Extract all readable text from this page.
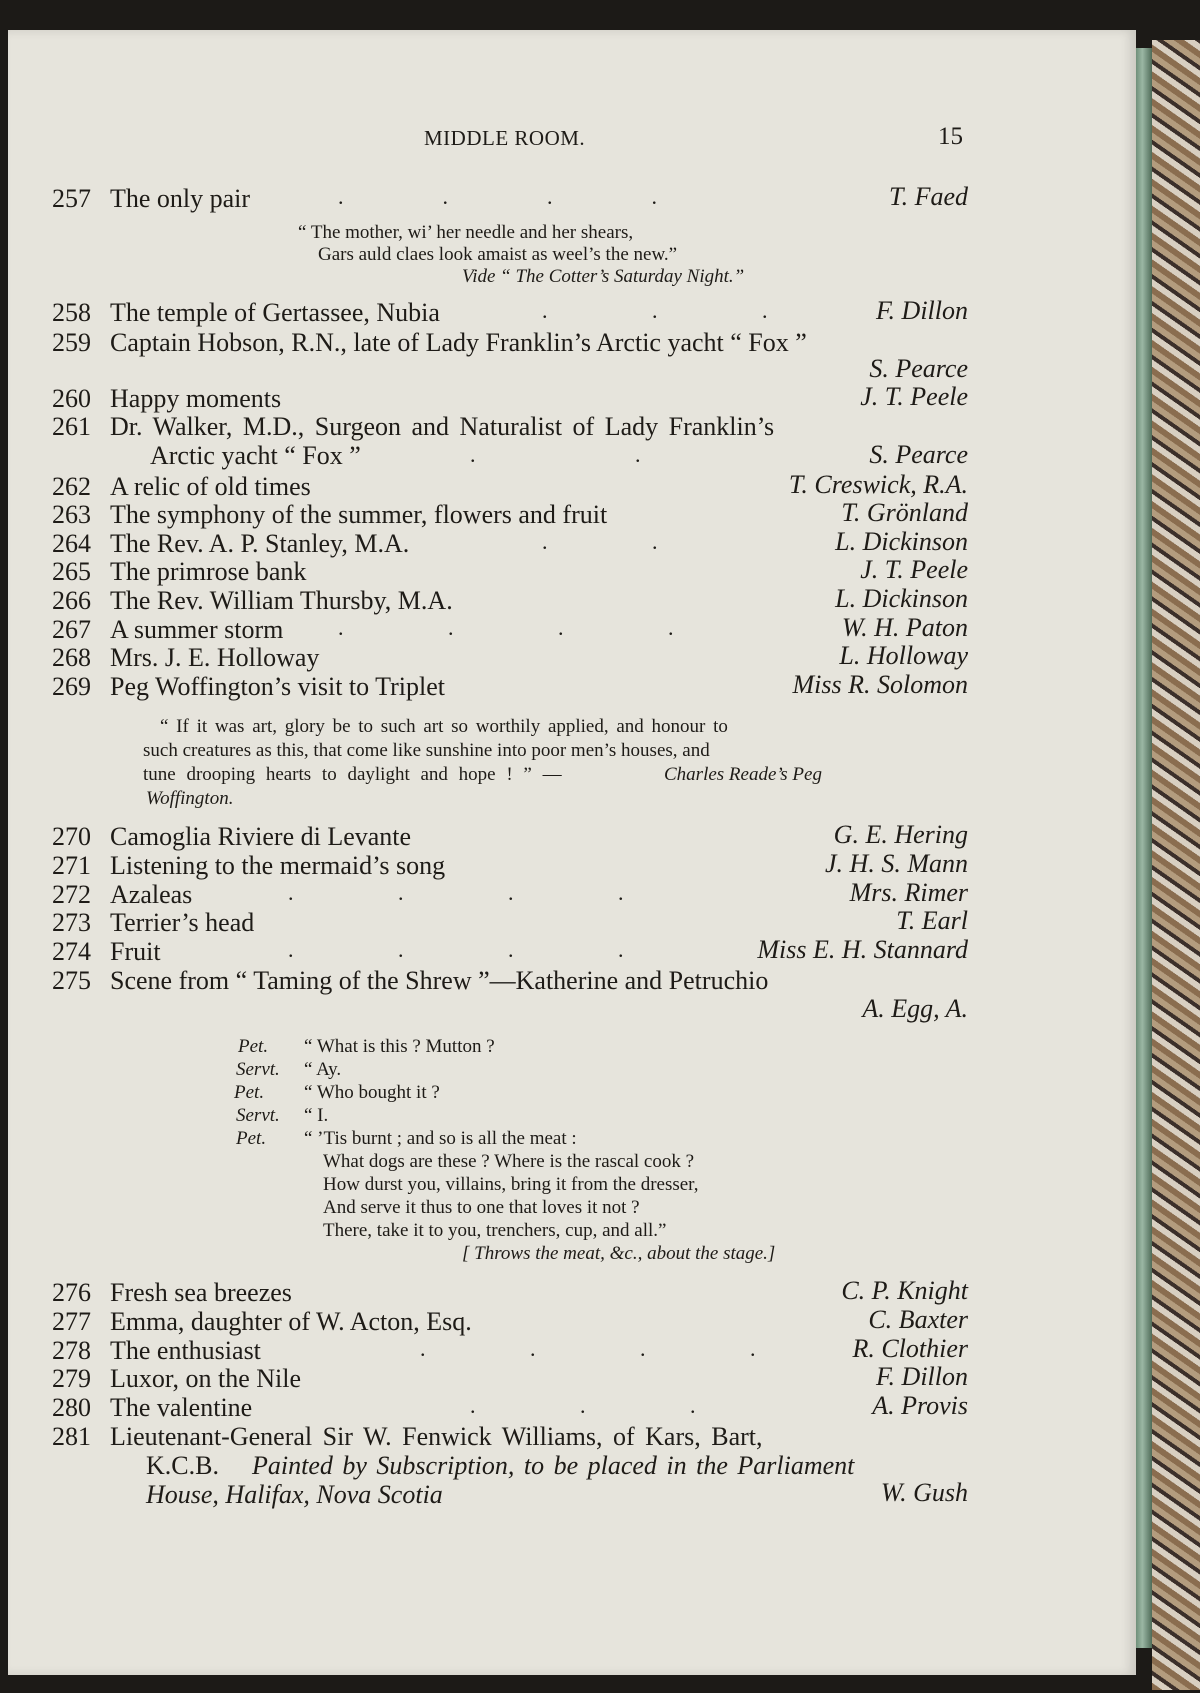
MIDDLE ROOM.	15
257 The only pair	T. Faed
“ The mother, wi’ her needle and her shears,
Gars auld claes look amaist as weel’s the new.”
Vide “ The Cotter’s Saturday Night.”
258 The temple of Gertassee, Nubia	F. Dillon
259 Captain Hobson, R.N., late of Lady Franklin’s Arctic yacht “ Fox ”
S. Pearce
260 Happy moments	J. T. Peele
261 Dr. Walker, M.D., Surgeon and Naturalist of Lady Franklin’s
Arctic yacht “ Fox ”	S. Pearce
262 A relic of old times	T. Creswick, R.A.
263 The symphony of the summer, flowers and fruit	T. Grönland
264 The Rev. A. P. Stanley, M.A.	L. Dickinson
265 The primrose bank	J. T. Peele
266 The Rev. William Thursby, M.A.	L. Dickinson
267 A summer storm	W. H. Paton
268 Mrs. J. E. Holloway	L. Holloway
269 Peg Woffington’s visit to Triplet	Miss R. Solomon
“ If it was art, glory be to such art so worthily applied, and honour to
such creatures as this, that come like sunshine into poor men’s houses, and
tune drooping hearts to daylight and hope ! ” —	Charles Reade’s Peg
Woffington.
270 Camoglia Riviere di Levante	G. E. Hering
271 Listening to the mermaid’s song	J. H. S. Mann
272 Azaleas	Mrs. Rimer
273 Terrier’s head	T. Earl
274 Fruit	Miss E. H. Stannard
275 Scene from “ Taming of the Shrew ”—Katherine and Petruchio
A. Egg, A.
Pet. “ What is this ? Mutton ?
Servt. “ Ay.
Pet. “ Who bought it ?
Servt. “ I.
Pet. “ ’Tis burnt ; and so is all the meat :
What dogs are these ? Where is the rascal cook ?
How durst you, villains, bring it from the dresser,
And serve it thus to one that loves it not ?
There, take it to you, trenchers, cup, and all.”
[ Throws the meat, &c., about the stage.]
276 Fresh sea breezes	C. P. Knight
277 Emma, daughter of W. Acton, Esq.	C. Baxter
278 The enthusiast	R. Clothier
279 Luxor, on the Nile	F. Dillon
280 The valentine	A. Provis
281 Lieutenant-General Sir W. Fenwick Williams, of Kars, Bart,
K.C.B. Painted by Subscription, to be placed in the Parliament
House, Halifax, Nova Scotia	W. Gush
.                  .                  .                  .
.                   .                   .
.                             .
.                   .
.                   .                   .                   .
.                   .                   .                   .
.                   .                   .                   .
.                   .                   .                   .
.                   .                   .
